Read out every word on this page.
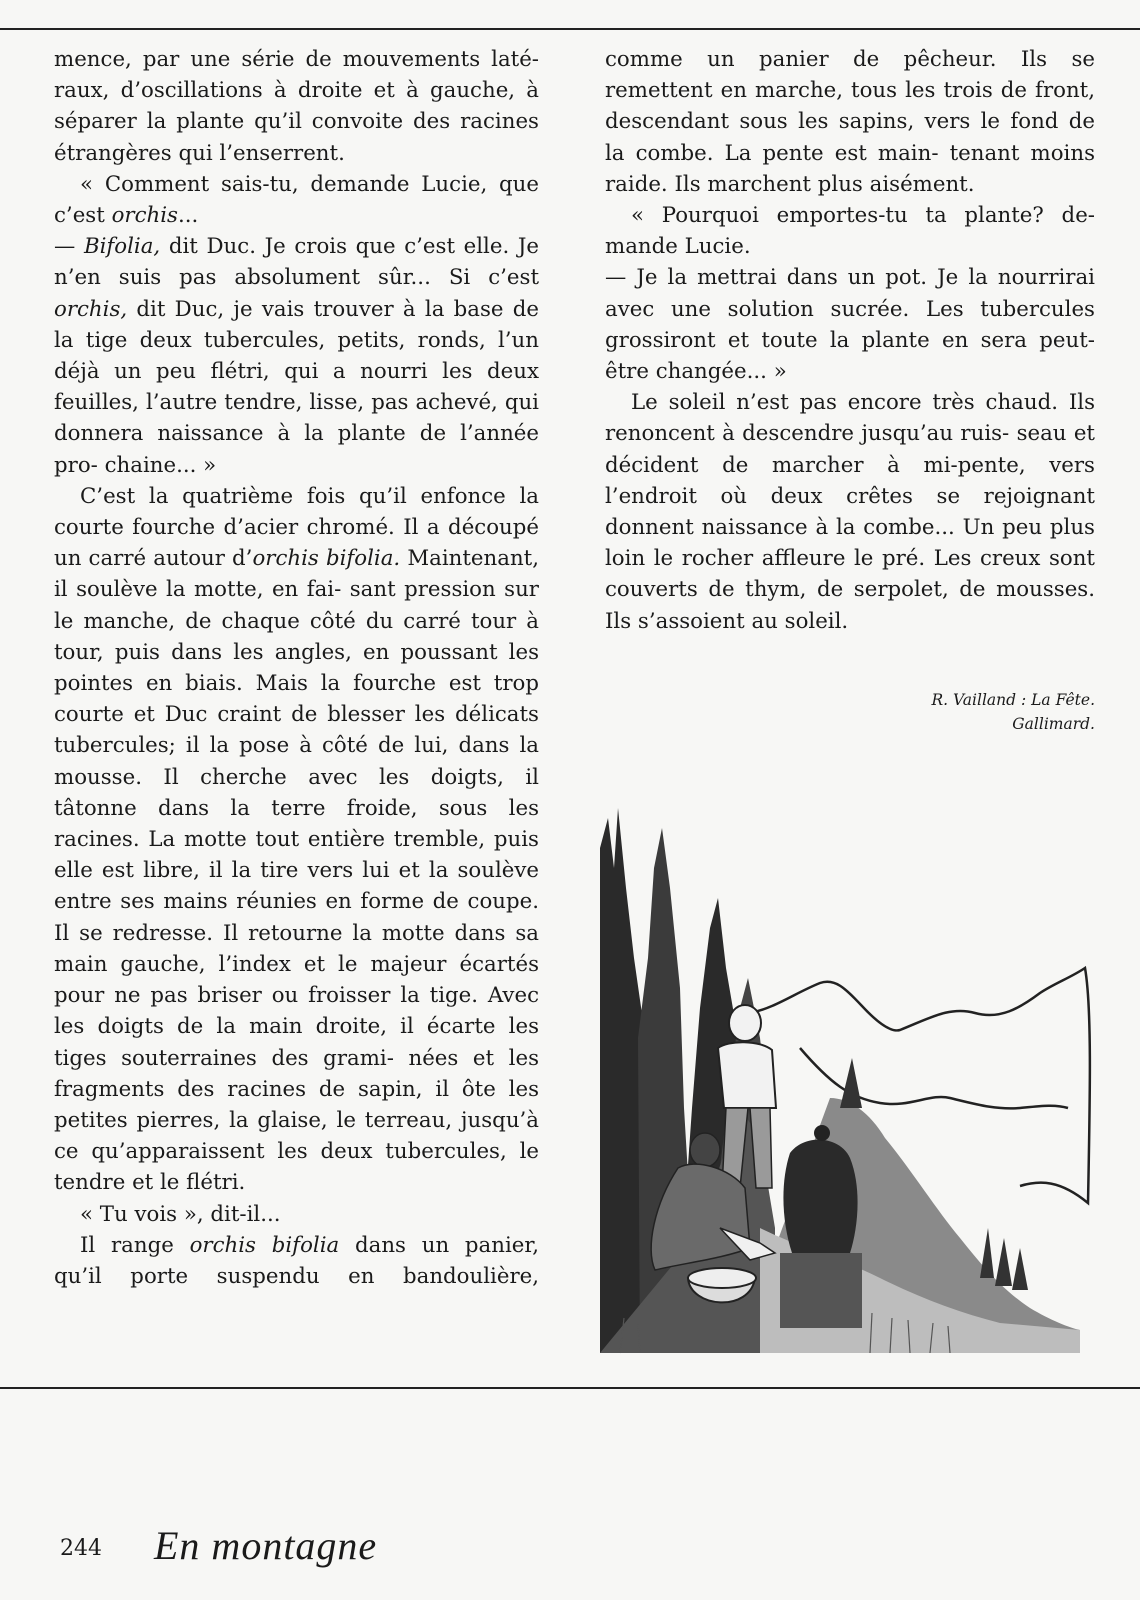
mence, par une série de mouvements laté- raux, d’oscillations à droite et à gauche, à séparer la plante qu’il convoite des racines étrangères qui l’enserrent.

« Comment sais-tu, demande Lucie, que c’est orchis...

— Bifolia, dit Duc. Je crois que c’est elle. Je n’en suis pas absolument sûr... Si c’est orchis, dit Duc, je vais trouver à la base de la tige deux tubercules, petits, ronds, l’un déjà un peu flétri, qui a nourri les deux feuilles, l’autre tendre, lisse, pas achevé, qui donnera naissance à la plante de l’année pro- chaine... »

C’est la quatrième fois qu’il enfonce la courte fourche d’acier chromé. Il a découpé un carré autour d’orchis bifolia. Maintenant, il soulève la motte, en fai- sant pression sur le manche, de chaque côté du carré tour à tour, puis dans les angles, en poussant les pointes en biais. Mais la fourche est trop courte et Duc craint de blesser les délicats tubercules; il la pose à côté de lui, dans la mousse. Il cherche avec les doigts, il tâtonne dans la terre froide, sous les racines. La motte tout entière tremble, puis elle est libre, il la tire vers lui et la soulève entre ses mains réunies en forme de coupe. Il se redresse. Il retourne la motte dans sa main gauche, l’index et le majeur écartés pour ne pas briser ou froisser la tige. Avec les doigts de la main droite, il écarte les tiges souterraines des grami- nées et les fragments des racines de sapin, il ôte les petites pierres, la glaise, le terreau, jusqu’à ce qu’apparaissent les deux tubercules, le tendre et le flétri.

« Tu vois », dit-il...

Il range orchis bifolia dans un panier, qu’il porte suspendu en bandoulière,

comme un panier de pêcheur. Ils se remettent en marche, tous les trois de front, descendant sous les sapins, vers le fond de la combe. La pente est main- tenant moins raide. Ils marchent plus aisément.

« Pourquoi emportes-tu ta plante? de- mande Lucie.

— Je la mettrai dans un pot. Je la nourrirai avec une solution sucrée. Les tubercules grossiront et toute la plante en sera peut-être changée... »

Le soleil n’est pas encore très chaud. Ils renoncent à descendre jusqu’au ruis- seau et décident de marcher à mi-pente, vers l’endroit où deux crêtes se rejoignant donnent naissance à la combe... Un peu plus loin le rocher affleure le pré. Les creux sont couverts de thym, de serpolet, de mousses. Ils s’assoient au soleil.

R. Vailland : La Fête.
Gallimard.
244 En montagne
